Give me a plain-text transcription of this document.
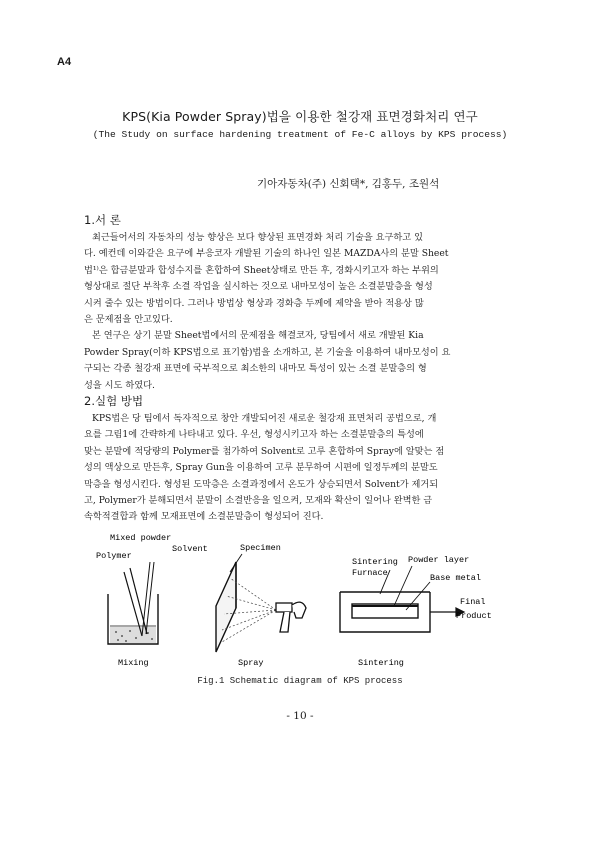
A4
KPS(Kia Powder Spray)법을 이용한 철강재 표면경화처리 연구
(The Study on surface hardening treatment of Fe-C alloys by KPS process)
기아자동차(주) 신회택*, 김홍두, 조원석
1.서 론
최근들어서의 자동차의 성능 향상은 보다 향상된 표면경화 처리 기술을 요구하고 있
다. 예컨데 이와같은 요구에 부응코자 개발된 기술의 하나인 일본 MAZDA사의 분말 Sheet
법¹⁾은 합금분말과 합성수지를 혼합하여 Sheet상태로 만든 후, 경화시키고자 하는 부위의
형상대로 절단 부착후 소결 작업을 실시하는 것으로 내마모성이 높은 소결분말층을 형성
시켜 줄수 있는 방법이다. 그러나 방법상 형상과 경화층 두께에 제약을 받아 적용상 많
은 문제점을 안고있다.
본 연구은 상기 분말 Sheet법에서의 문제점을 해결코자, 당팀에서 새로 개발된 Kia
Powder Spray(이하 KPS법으로 표기함)법을 소개하고, 본 기술을 이용하여 내마모성이 요
구되는 각종 철강재 표면에 국부적으로 최소한의 내마모 특성이 있는 소결 분말층의 형
성을 시도 하였다.
2.실험 방법
KPS법은 당 팀에서 독자적으로 창안 개발되어진 새로운 철강재 표면처리 공법으로, 개
요를 그림1에 간략하게 나타내고 있다. 우선, 형성시키고자 하는 소결분말층의 특성에
맞는 분말에 적당량의 Polymer를 첨가하여 Solvent로 고루 혼합하여 Spray에 알맞는 점
성의 액상으로 만든후, Spray Gun을 이용하여 고루 분무하여 시편에 일정두께의 분말도
막층을 형성시킨다. 형성된 도막층은 소결과정에서 온도가 상승되면서 Solvent가 제거되
고, Polymer가 분해되면서 분말이 소결반응을 일으켜, 모재와 확산이 일어나 완벽한 금
속학적결합과 함께 모재표면에 소결분말층이 형성되어 진다.
Mixed powder
Polymer
Solvent
Mixing
Specimen
Spray
Sintering
Furnace
Powder layer
Base metal
Final
Product
Sintering
Fig.1 Schematic diagram of KPS process
- 10 -
